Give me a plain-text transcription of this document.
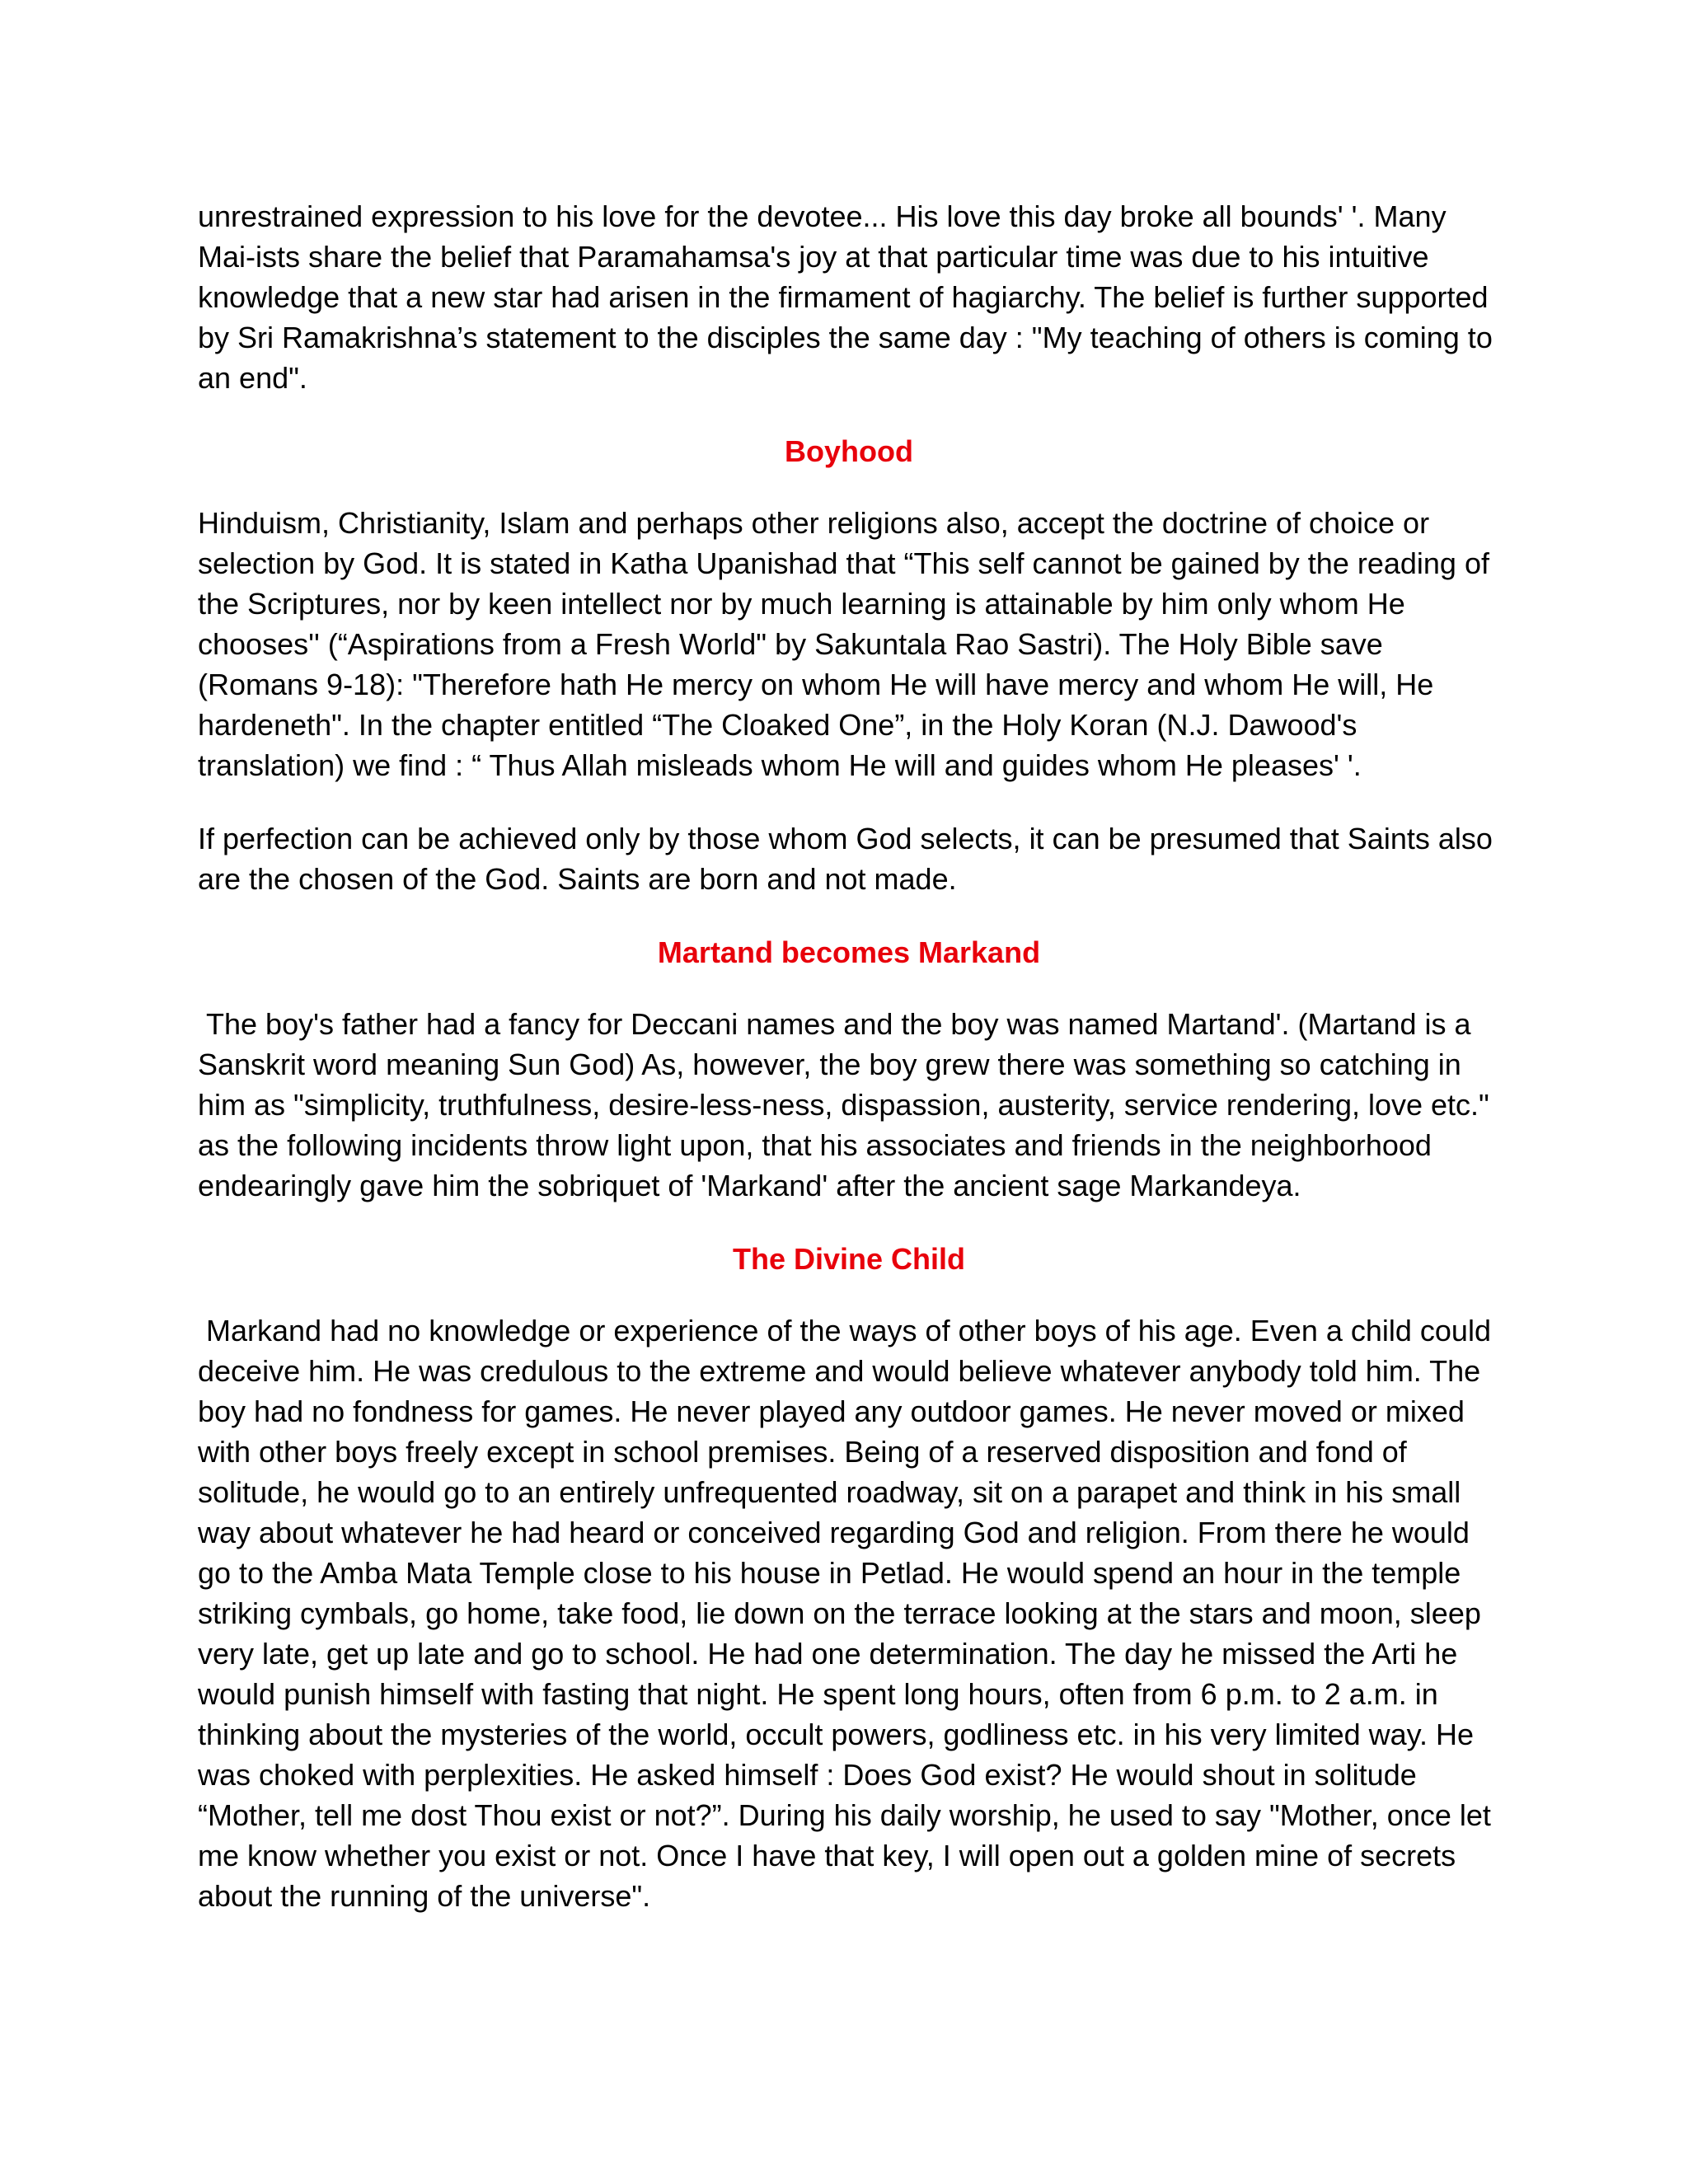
unrestrained expression to his love for the devotee... His love this day broke all bounds' '. Many Mai-ists share the belief that Paramahamsa's joy at that particular time was due to his intuitive knowledge that a new star had arisen in the firmament of hagiarchy. The belief is further supported by Sri Ramakrishna’s statement to the disciples the same day : "My teaching of others is coming to an end".

Boyhood

Hinduism, Christianity, Islam and perhaps other religions also, accept the doctrine of choice or selection by God. It is stated in Katha Upanishad that “This self cannot be gained by the reading of the Scriptures, nor by keen intellect nor by much learning is attainable by him only whom He chooses'' (“Aspirations from a Fresh World" by Sakuntala Rao Sastri). The Holy Bible save (Romans 9-18): "Therefore hath He mercy on whom He will have mercy and whom He will, He hardeneth". In the chapter entitled “The Cloaked One”, in the Holy Koran (N.J. Dawood's translation) we find : “ Thus Allah misleads whom He will and guides whom He pleases' '.

If perfection can be achieved only by those whom God selects, it can be presumed that Saints also are the chosen of the God. Saints are born and not made.

Martand becomes Markand

The boy's father had a fancy for Deccani names and the boy was named Martand'. (Martand is a Sanskrit word meaning Sun God) As, however, the boy grew there was something so catching in him as "simplicity, truthfulness, desire-less-ness, dispassion, austerity, service rendering, love etc." as the following incidents throw light upon, that his associates and friends in the neighborhood endearingly gave him the sobriquet of 'Markand' after the ancient sage Markandeya.

The Divine Child

Markand had no knowledge or experience of the ways of other boys of his age. Even a child could deceive him. He was credulous to the extreme and would believe whatever anybody told him. The boy had no fondness for games. He never played any outdoor games. He never moved or mixed with other boys freely except in school premises. Being of a reserved disposition and fond of solitude, he would go to an entirely unfrequented roadway, sit on a parapet and think in his small way about whatever he had heard or conceived regarding God and religion. From there he would go to the Amba Mata Temple close to his house in Petlad. He would spend an hour in the temple striking cymbals, go home, take food, lie down on the terrace looking at the stars and moon, sleep very late, get up late and go to school. He had one determination. The day he missed the Arti he would punish himself with fasting that night. He spent long hours, often from 6 p.m. to 2 a.m. in thinking about the mysteries of the world, occult powers, godliness etc. in his very limited way. He was choked with perplexities. He asked himself : Does God exist? He would shout in solitude “Mother, tell me dost Thou exist or not?”. During his daily worship, he used to say "Mother, once let me know whether you exist or not. Once I have that key, I will open out a golden mine of secrets about the running of the universe".
